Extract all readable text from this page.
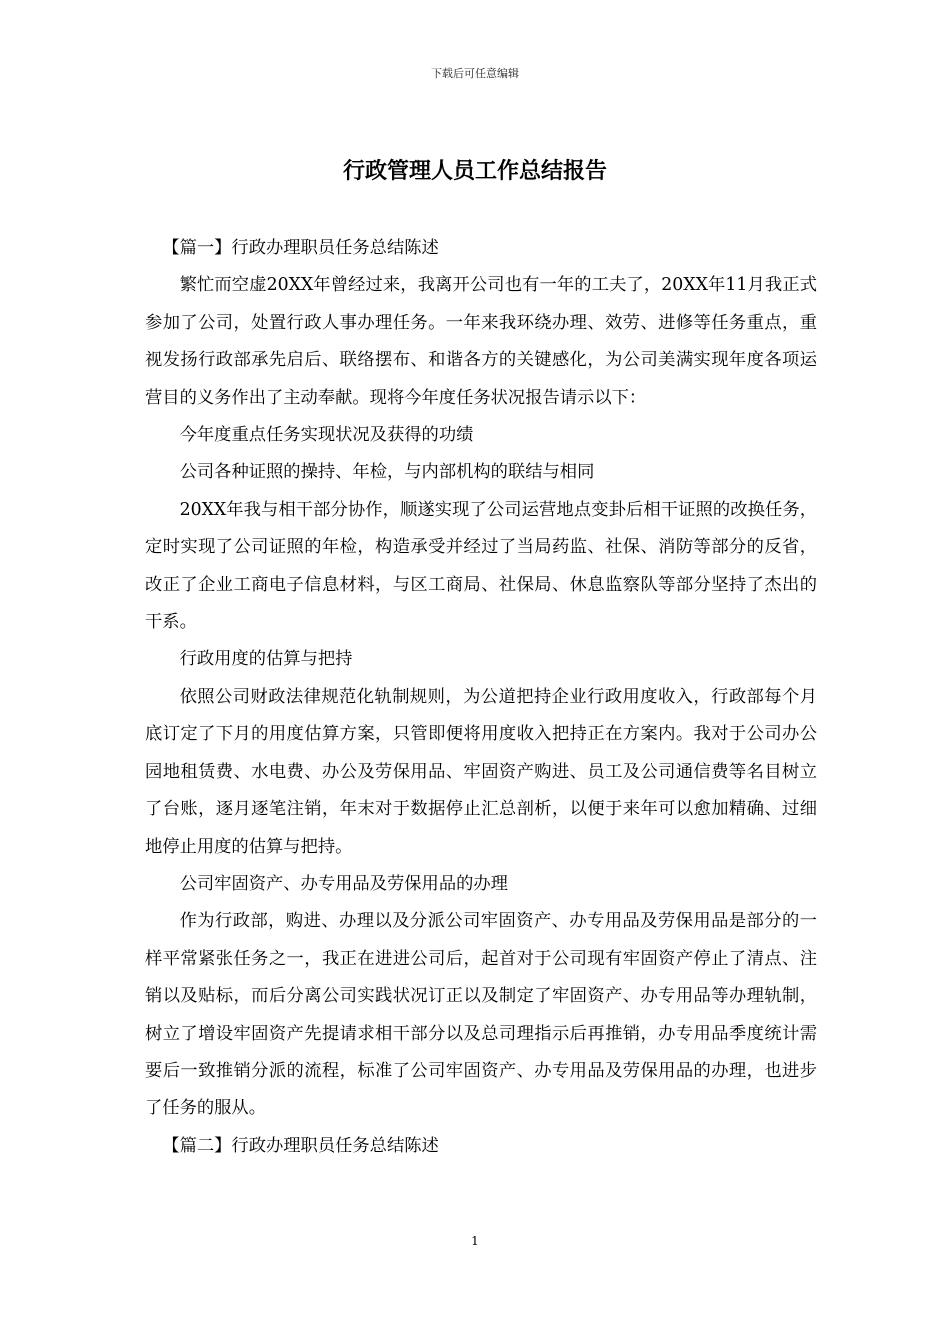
下载后可任意编辑
行政管理人员工作总结报告

【篇一】行政办理职员任务总结陈述

繁忙而空虚20XX年曾经过来，我离开公司也有一年的工夫了，20XX年11月我正式参加了公司，处置行政人事办理任务。一年来我环绕办理、效劳、进修等任务重点，重视发扬行政部承先启后、联络摆布、和谐各方的关键感化，为公司美满实现年度各项运营目的义务作出了主动奉献。现将今年度任务状况报告请示以下：

今年度重点任务实现状况及获得的功绩

公司各种证照的操持、年检，与内部机构的联结与相同

20XX年我与相干部分协作，顺遂实现了公司运营地点变卦后相干证照的改换任务，定时实现了公司证照的年检，构造承受并经过了当局药监、社保、消防等部分的反省，改正了企业工商电子信息材料，与区工商局、社保局、休息监察队等部分坚持了杰出的干系。

行政用度的估算与把持

依照公司财政法律规范化轨制规则，为公道把持企业行政用度收入，行政部每个月底订定了下月的用度估算方案，只管即便将用度收入把持正在方案内。我对于公司办公园地租赁费、水电费、办公及劳保用品、牢固资产购进、员工及公司通信费等名目树立了台账，逐月逐笔注销，年末对于数据停止汇总剖析，以便于来年可以愈加精确、过细地停止用度的估算与把持。

公司牢固资产、办专用品及劳保用品的办理

作为行政部，购进、办理以及分派公司牢固资产、办专用品及劳保用品是部分的一样平常紧张任务之一，我正在进进公司后，起首对于公司现有牢固资产停止了清点、注销以及贴标，而后分离公司实践状况订正以及制定了牢固资产、办专用品等办理轨制，树立了增设牢固资产先提请求相干部分以及总司理指示后再推销，办专用品季度统计需要后一致推销分派的流程，标准了公司牢固资产、办专用品及劳保用品的办理，也进步了任务的服从。

【篇二】行政办理职员任务总结陈述

1
